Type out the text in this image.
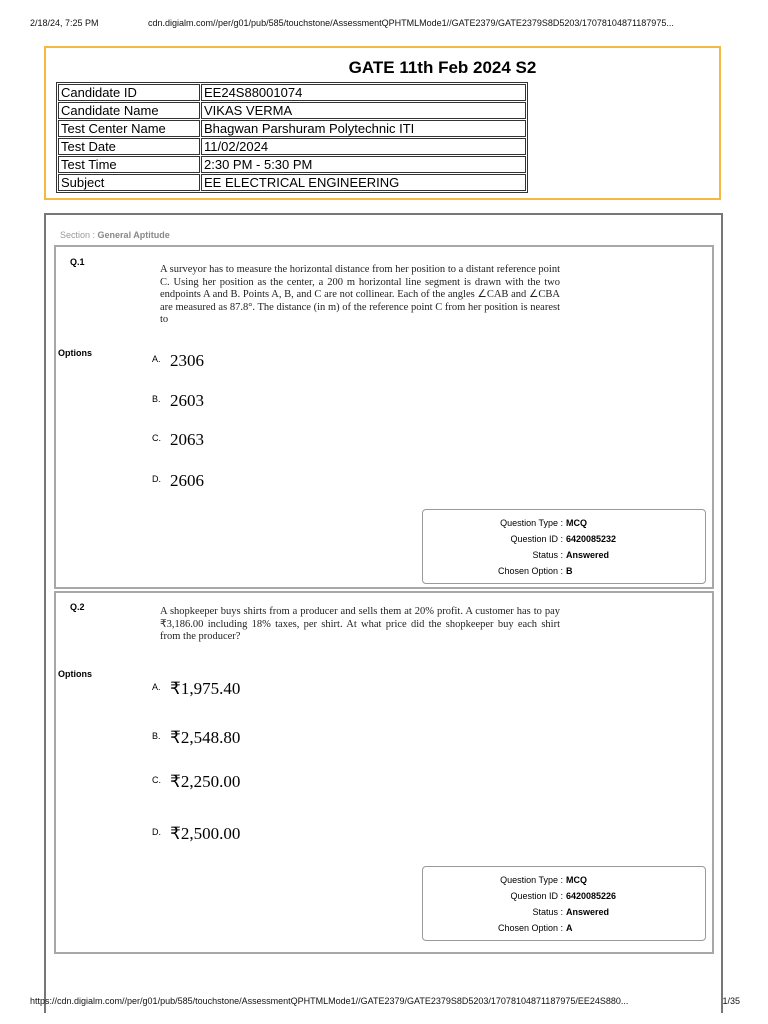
2/18/24, 7:25 PM	cdn.digialm.com//per/g01/pub/585/touchstone/AssessmentQPHTMLMode1//GATE2379/GATE2379S8D5203/17078104871187975...
GATE 11th Feb 2024 S2
Candidate ID	EE24S88001074
Candidate Name	VIKAS VERMA
Test Center Name	Bhagwan Parshuram Polytechnic ITI
Test Date	11/02/2024
Test Time	2:30 PM - 5:30 PM
Subject	EE ELECTRICAL ENGINEERING
Section : General Aptitude
Q.1
A surveyor has to measure the horizontal distance from her position to a distant reference point C. Using her position as the center, a 200 m horizontal line segment is drawn with the two endpoints A and B. Points A, B, and C are not collinear. Each of the angles ∠CAB and ∠CBA are measured as 87.8°. The distance (in m) of the reference point C from her position is nearest to
Options
A. 2306
B. 2603
C. 2063
D. 2606
Question Type : MCQ
Question ID : 6420085232
Status : Answered
Chosen Option : B
Q.2	A shopkeeper buys shirts from a producer and sells them at 20% profit. A customer has to pay ₹3,186.00 including 18% taxes, per shirt. At what price did the shopkeeper buy each shirt from the producer?
Options
A. ₹1,975.40
B. ₹2,548.80
C. ₹2,250.00
D. ₹2,500.00
Question Type : MCQ
Question ID : 6420085226
Status : Answered
Chosen Option : A
https://cdn.digialm.com//per/g01/pub/585/touchstone/AssessmentQPHTMLMode1//GATE2379/GATE2379S8D5203/17078104871187975/EE24S880...	1/35
